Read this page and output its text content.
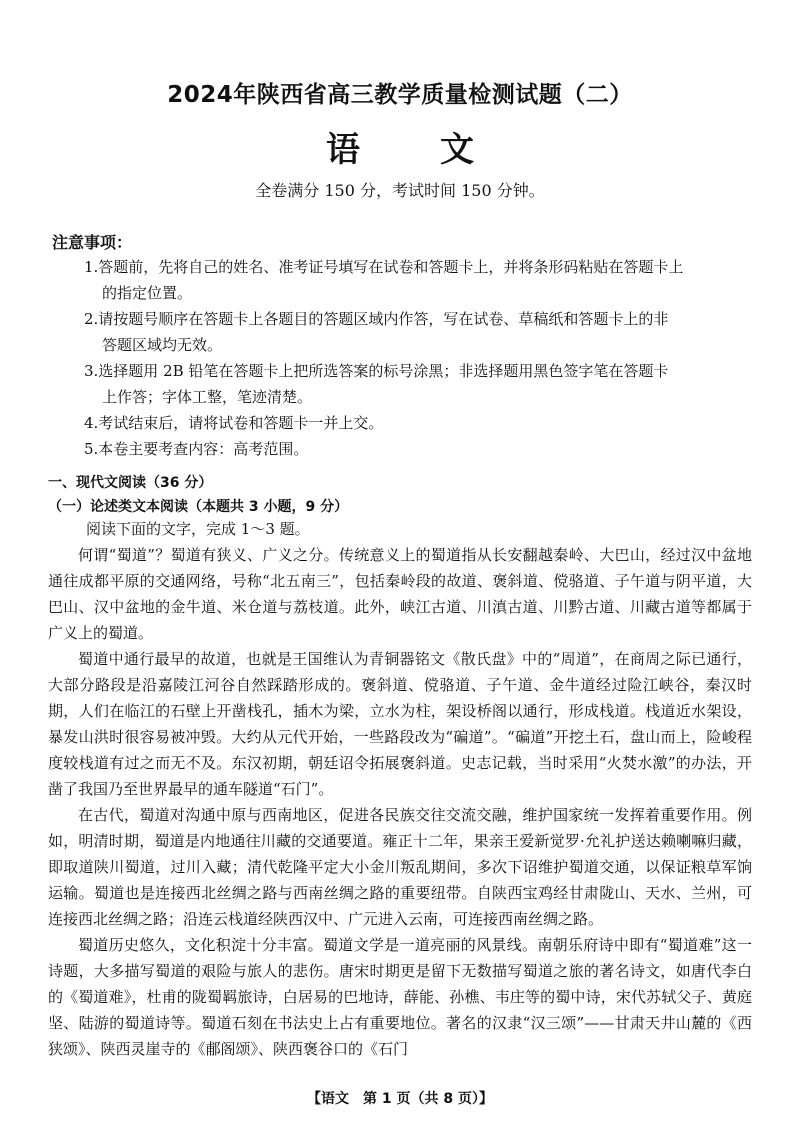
2024年陕西省高三教学质量检测试题（二）
语文
全卷满分 150 分，考试时间 150 分钟。
注意事项：
1.答题前，先将自己的姓名、准考证号填写在试卷和答题卡上，并将条形码粘贴在答题卡上
的指定位置。
2.请按题号顺序在答题卡上各题目的答题区域内作答，写在试卷、草稿纸和答题卡上的非
答题区域均无效。
3.选择题用 2B 铅笔在答题卡上把所选答案的标号涂黑；非选择题用黑色签字笔在答题卡
上作答；字体工整，笔迹清楚。
4.考试结束后，请将试卷和答题卡一并上交。
5.本卷主要考查内容：高考范围。
一、现代文阅读（36 分）
（一）论述类文本阅读（本题共 3 小题，9 分）
阅读下面的文字，完成 1～3 题。

何谓“蜀道”？蜀道有狭义、广义之分。传统意义上的蜀道指从长安翻越秦岭、大巴山，经过汉中盆地通往成都平原的交通网络，号称“北五南三”，包括秦岭段的故道、褒斜道、傥骆道、子午道与阴平道，大巴山、汉中盆地的金牛道、米仓道与荔枝道。此外，峡江古道、川滇古道、川黔古道、川藏古道等都属于广义上的蜀道。

蜀道中通行最早的故道，也就是王国维认为青铜器铭文《散氏盘》中的“周道”，在商周之际已通行，大部分路段是沿嘉陵江河谷自然踩踏形成的。褒斜道、傥骆道、子午道、金牛道经过险江峡谷，秦汉时期，人们在临江的石壁上开凿栈孔，插木为梁，立水为柱，架设桥阁以通行，形成栈道。栈道近水架设，暴发山洪时很容易被冲毁。大约从元代开始，一些路段改为“碥道”。“碥道”开挖土石，盘山而上，险峻程度较栈道有过之而无不及。东汉初期，朝廷诏令拓展褒斜道。史志记载，当时采用“火焚水激”的办法，开凿了我国乃至世界最早的通车隧道“石门”。

在古代，蜀道对沟通中原与西南地区，促进各民族交往交流交融，维护国家统一发挥着重要作用。例如，明清时期，蜀道是内地通往川藏的交通要道。雍正十二年，果亲王爱新觉罗·允礼护送达赖喇嘛归藏，即取道陕川蜀道，过川入藏；清代乾隆平定大小金川叛乱期间，多次下诏维护蜀道交通，以保证粮草军饷运输。蜀道也是连接西北丝绸之路与西南丝绸之路的重要纽带。自陕西宝鸡经甘肃陇山、天水、兰州，可连接西北丝绸之路；沿连云栈道经陕西汉中、广元进入云南，可连接西南丝绸之路。

蜀道历史悠久，文化积淀十分丰富。蜀道文学是一道亮丽的风景线。南朝乐府诗中即有“蜀道难”这一诗题，大多描写蜀道的艰险与旅人的悲伤。唐宋时期更是留下无数描写蜀道之旅的著名诗文，如唐代李白的《蜀道难》，杜甫的陇蜀羁旅诗，白居易的巴地诗，薛能、孙樵、韦庄等的蜀中诗，宋代苏轼父子、黄庭坚、陆游的蜀道诗等。蜀道石刻在书法史上占有重要地位。著名的汉隶“汉三颂”——甘肃天井山麓的《西狭颂》、陕西灵崖寺的《郙阁颂》、陕西褒谷口的《石门

【语文　第 1 页（共 8 页）】
